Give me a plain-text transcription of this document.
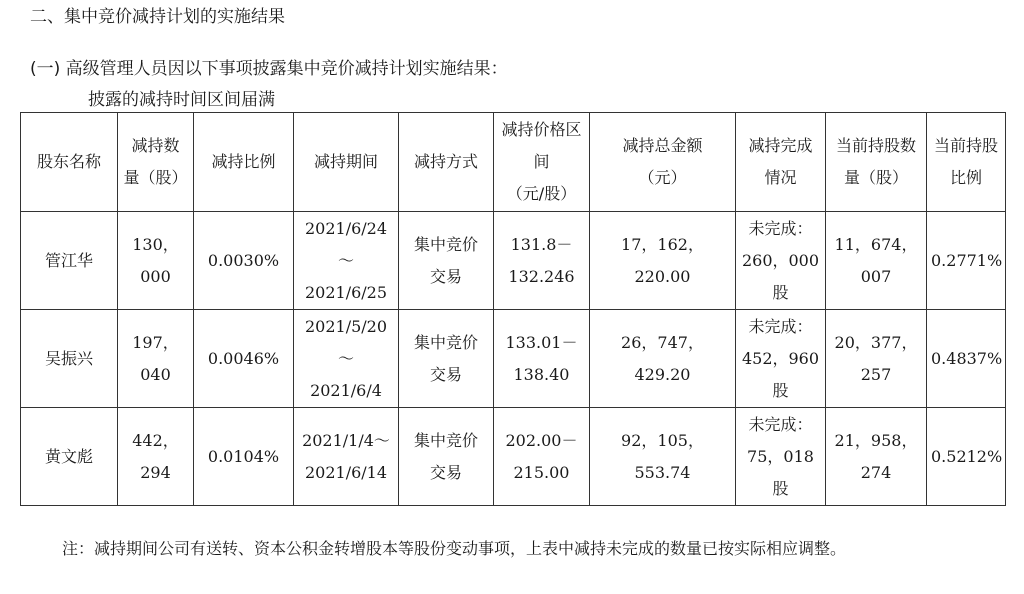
二、集中竞价减持计划的实施结果
(一) 高级管理人员因以下事项披露集中竞价减持计划实施结果：
披露的减持时间区间届满
股东名称	减持数
量（股）	减持比例	减持期间	减持方式	减持价格区
间
（元/股）	减持总金额
（元）	减持完成
情况	当前持股数
量（股）	当前持股
比例

管江华	130，000	0.0030%	2021/6/24～
2021/6/25	集中竞价
交易	131.8－
132.246	17，162，220.00	未完成：
260，000股	11，674，007	0.2771%
吴振兴	197，040	0.0046%	2021/5/20～
2021/6/4	集中竞价
交易	133.01－
138.40	26，747，429.20	未完成：
452，960股	20，377，257	0.4837%
黄文彪	442，294	0.0104%	2021/1/4～
2021/6/14	集中竞价
交易	202.00－
215.00	92，105，553.74	未完成：
75，018股	21，958，274	0.5212%
注：减持期间公司有送转、资本公积金转增股本等股份变动事项，上表中减持未完成的数量已按实际相应调整。
